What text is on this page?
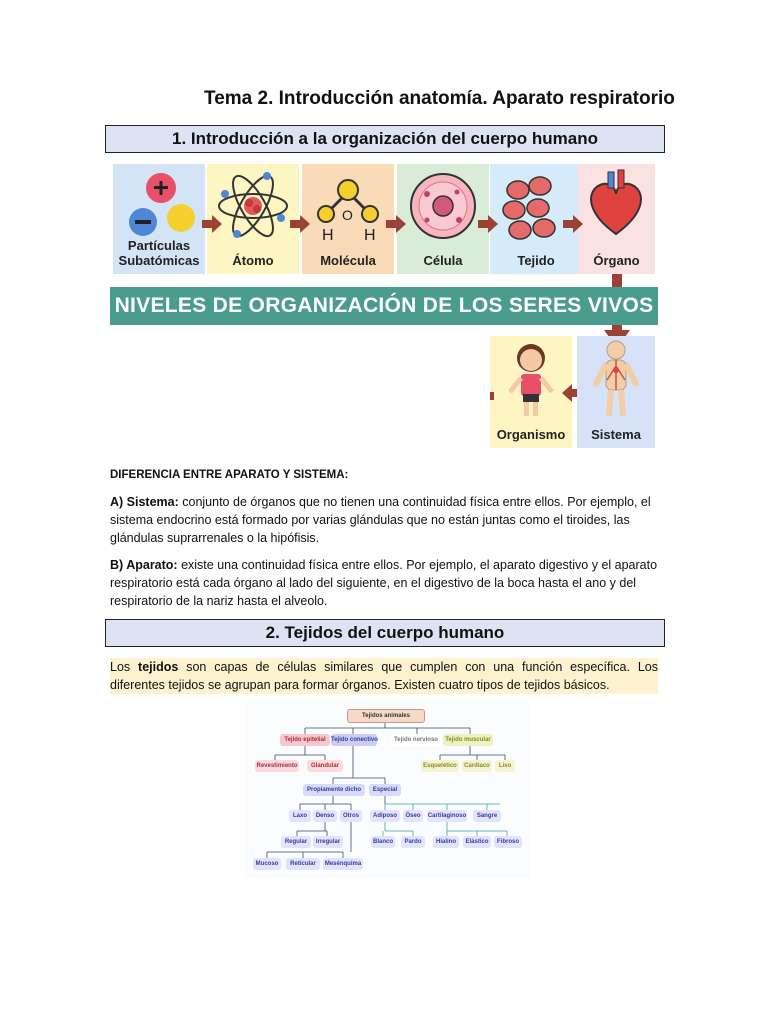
Tema 2. Introducción anatomía. Aparato respiratorio
1. Introducción a la organización del cuerpo humano
Partículas Subatómicas	Átomo
H
O
H
Molécula	Célula	Tejido	Órgano
NIVELES DE ORGANIZACIÓN DE LOS SERES VIVOS
Organismo	Sistema
DIFERENCIA ENTRE APARATO Y SISTEMA:
A) Sistema: conjunto de órganos que no tienen una continuidad física entre ellos. Por ejemplo, el sistema endocrino está formado por varias glándulas que no están juntas como el tiroides, las glándulas suprarrenales o la hipófisis.
B) Aparato: existe una continuidad física entre ellos. Por ejemplo, el aparato digestivo y el aparato respiratorio está cada órgano al lado del siguiente, en el digestivo de la boca hasta el ano y del respiratorio de la nariz hasta el alveolo.
2. Tejidos del cuerpo humano
Los tejidos son capas de células similares que cumplen con una función específica. Los diferentes tejidos se agrupan para formar órganos. Existen cuatro tipos de tejidos básicos.
Tejidos animales
Tejido epitelial Tejido conectivo	Tejido nervioso	Tejido muscular
Revestimiento	Glandular	Esquelético	Cardiaco	Liso
Propiamente dicho	Especial
Laxo	Denso	Otros	Adiposo	Óseo	Cartilaginoso	Sangre
Regular	Irregular	Blanco	Pardo	Hialino	Elástico	Fibroso
Mucoso	Reticular	Mesénquima
